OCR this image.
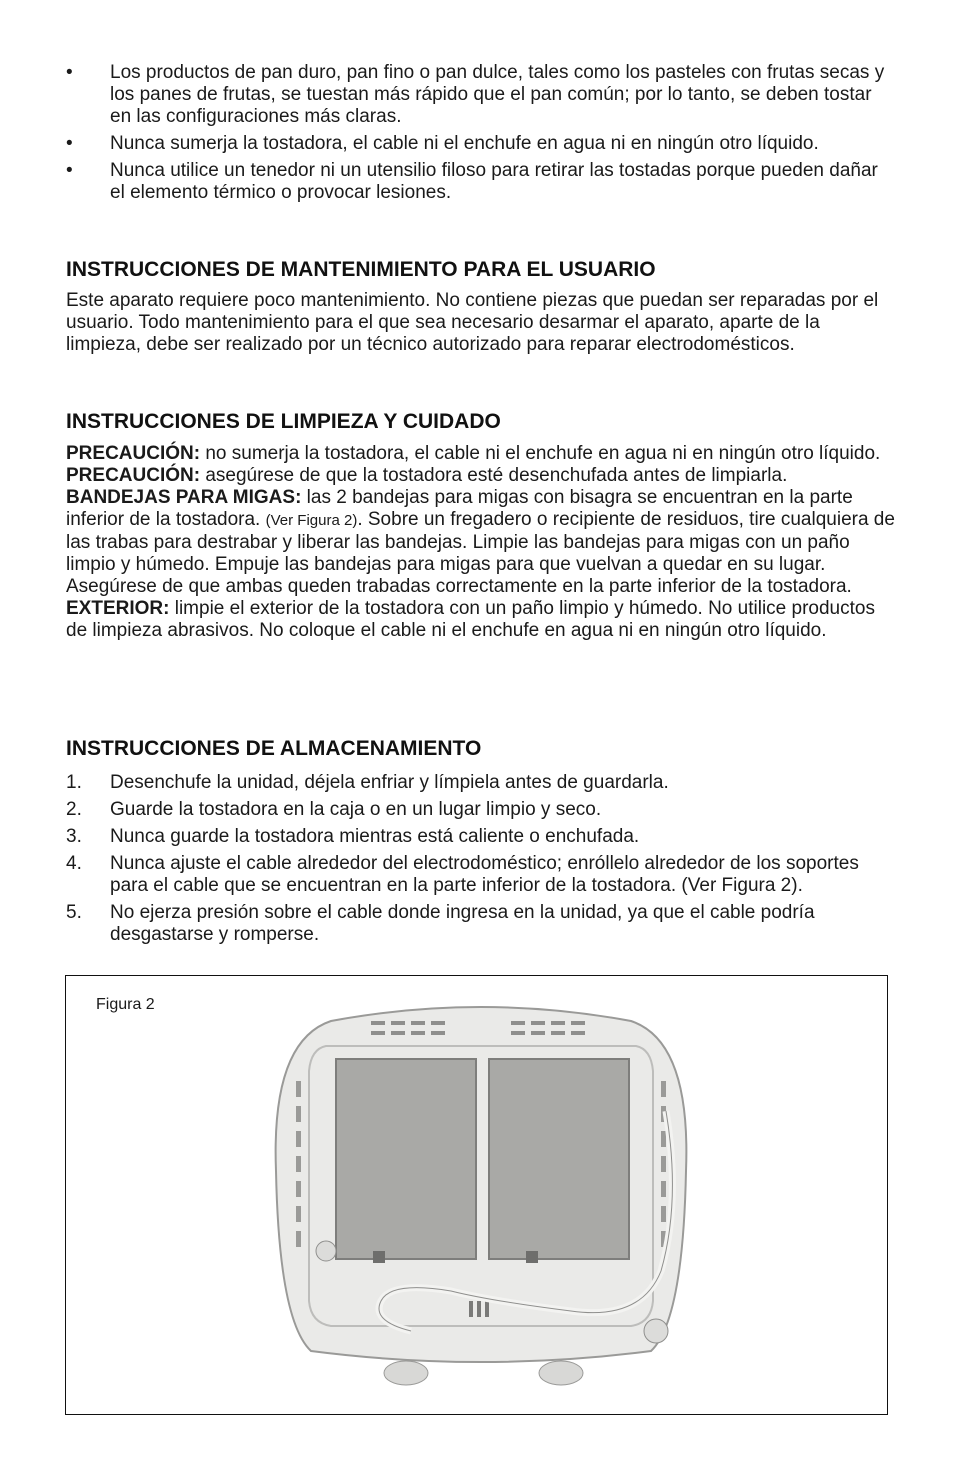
•	Los productos de pan duro, pan fino o pan dulce, tales como los pasteles con frutas secas y los panes de frutas, se tuestan más rápido que el pan común; por lo tanto, se deben tostar en las configuraciones más claras.
•	Nunca sumerja la tostadora, el cable ni el enchufe en agua ni en ningún otro líquido.
•	Nunca utilice un tenedor ni un utensilio filoso para retirar las tostadas porque pueden dañar el elemento térmico o provocar lesiones.
INSTRUCCIONES DE MANTENIMIENTO PARA EL USUARIO
Este aparato requiere poco mantenimiento. No contiene piezas que puedan ser reparadas por el usuario. Todo mantenimiento para el que sea necesario desarmar el aparato, aparte de la limpieza, debe ser realizado por un técnico autorizado para reparar electrodomésticos.
INSTRUCCIONES DE LIMPIEZA Y CUIDADO
PRECAUCIÓN: no sumerja la tostadora, el cable ni el enchufe en agua ni en ningún otro líquido.
PRECAUCIÓN: asegúrese de que la tostadora esté desenchufada antes de limpiarla.
BANDEJAS PARA MIGAS: las 2 bandejas para migas con bisagra se encuentran en la parte inferior de la tostadora. (Ver Figura 2). Sobre un fregadero o recipiente de residuos, tire cualquiera de las trabas para destrabar y liberar las bandejas. Limpie las bandejas para migas con un paño limpio y húmedo. Empuje las bandejas para migas para que vuelvan a quedar en su lugar. Asegúrese de que ambas queden trabadas correctamente en la parte inferior de la tostadora.
EXTERIOR: limpie el exterior de la tostadora con un paño limpio y húmedo. No utilice productos de limpieza abrasivos. No coloque el cable ni el enchufe en agua ni en ningún otro líquido.
INSTRUCCIONES DE ALMACENAMIENTO
1.	Desenchufe la unidad, déjela enfriar y límpiela antes de guardarla.
2.	Guarde la tostadora en la caja o en un lugar limpio y seco.
3.	Nunca guarde la tostadora mientras está caliente o enchufada.
4.	Nunca ajuste el cable alrededor del electrodoméstico; enróllelo alrededor de los soportes para el cable que se encuentran en la parte inferior de la tostadora. (Ver Figura 2).
5.	No ejerza presión sobre el cable donde ingresa en la unidad, ya que el cable podría desgastarse y romperse.
Figura 2
